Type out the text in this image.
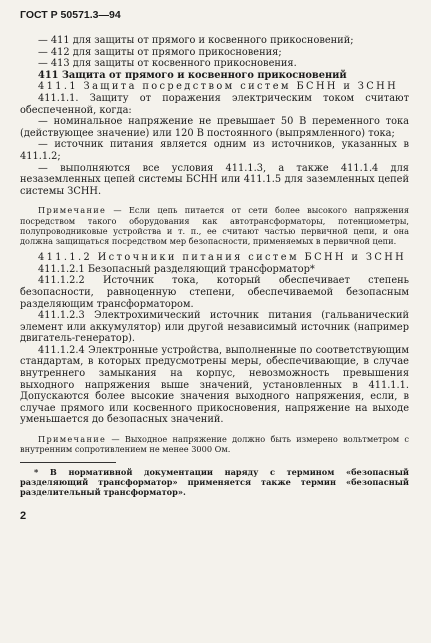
ГОСТ Р 50571.3—94

— 411 для защиты от прямого и косвенного прикосновений;

— 412 для защиты от прямого прикосновения;

— 413 для защиты от косвенного прикосновения.

411 Защита от прямого и косвенного прикосновений

411.1 Защита посредством систем БСНН и ЗСНН

411.1.1. Защиту от поражения электрическим током считают обеспеченной, когда:

— номинальное напряжение не превышает 50 В переменного тока (действующее значение) или 120 В постоянного (выпрямленного) тока;

— источник питания является одним из источников, указанных в 411.1.2;

— выполняются все условия 411.1.3, а также 411.1.4 для незаземленных цепей системы БСНН или 411.1.5 для заземленных цепей системы ЗСНН.

Примечание — Если цепь питается от сети более высокого напряжения посредством такого оборудования как автотрансформаторы, потенциометры, полупроводниковые устройства и т. п., ее считают частью первичной цепи, и она должна защищаться посредством мер безопасности, применяемых в первичной цепи.

411.1.2 Источники питания систем БСНН и ЗСНН

411.1.2.1 Безопасный разделяющий трансформатор*

411.1.2.2 Источник тока, который обеспечивает степень безопасности, равноценную степени, обеспечиваемой безопасным разделяющим трансформатором.

411.1.2.3 Электрохимический источник питания (гальванический элемент или аккумулятор) или другой независимый источник (например двигатель-генератор).

411.1.2.4 Электронные устройства, выполненные по соответствующим стандартам, в которых предусмотрены меры, обеспечивающие, в случае внутреннего замыкания на корпус, невозможность превышения выходного напряжения выше значений, установленных в 411.1.1. Допускаются более высокие значения выходного напряжения, если, в случае прямого или косвенного прикосновения, напряжение на выходе уменьшается до безопасных значений.

Примечание — Выходное напряжение должно быть измерено вольтметром с внутренним сопротивлением не менее 3000 Ом.

* В нормативной документации наряду с термином «безопасный разделяющий трансформатор» применяется также термин «безопасный разделительный трансформатор».

2
